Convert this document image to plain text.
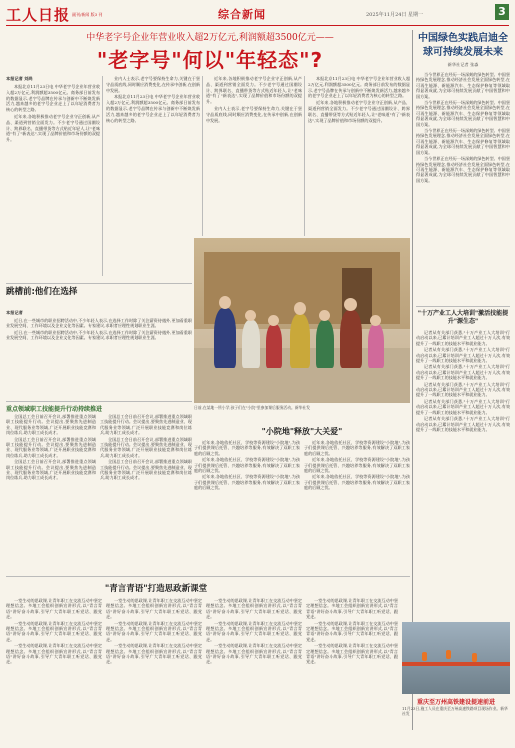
工人日报 副刊/新闻 版3 刊	综合新闻	2025年11月24日 星期一	3
中华老字号企业年营业收入超2万亿元,利润额超3500亿元——
"老字号"何以"年轻态"?
本报记者 刘尚

本报北京11月23日电 中华老字号企业年营业收入超2万亿元,利润额超3500亿元。商务部日前发布的数据显示,老字号品牌在传承与创新中不断焕发新活力,越来越多的老字号企业走上了以年轻消费者为核心的转型之路。

近年来,各地积极推动老字号企业守正创新,从产品、渠道到营销全面发力。不少老字号通过国潮设计、跨界联名、直播带货等方式贴近年轻人,让"老味道"有了"新表达",实现了品牌价值和市场份额的双提升。

业内人士表示,老字号要保持生命力,关键在于坚守品质底线,同时顺应消费变化,在传承中创新,在创新中发展。

本报北京11月23日电 中华老字号企业年营业收入超2万亿元,利润额超3500亿元。商务部日前发布的数据显示,老字号品牌在传承与创新中不断焕发新活力,越来越多的老字号企业走上了以年轻消费者为核心的转型之路。

近年来,各地积极推动老字号企业守正创新,从产品、渠道到营销全面发力。不少老字号通过国潮设计、跨界联名、直播带货等方式贴近年轻人,让"老味道"有了"新表达",实现了品牌价值和市场份额的双提升。

业内人士表示,老字号要保持生命力,关键在于坚守品质底线,同时顺应消费变化,在传承中创新,在创新中发展。

本报北京11月23日电 中华老字号企业年营业收入超2万亿元,利润额超3500亿元。商务部日前发布的数据显示,老字号品牌在传承与创新中不断焕发新活力,越来越多的老字号企业走上了以年轻消费者为核心的转型之路。

近年来,各地积极推动老字号企业守正创新,从产品、渠道到营销全面发力。不少老字号通过国潮设计、跨界联名、直播带货等方式贴近年轻人,让"老味道"有了"新表达",实现了品牌价值和市场份额的双提升。

跳槽前:他们在选择
本报记者

近日,在一些城市的职业招聘活动中,不少年轻人表示,在选择工作时除了关注薪资待遇外,更加看重职业发展空间、工作环境以及企业文化等因素。专家建议,求职者应理性规划职业生涯。

近日,在一些城市的职业招聘活动中,不少年轻人表示,在选择工作时除了关注薪资待遇外,更加看重职业发展空间、工作环境以及企业文化等因素。专家建议,求职者应理性规划职业生涯。

重点领域职工技能提升行动持续推进

全国总工会日前召开会议,部署推进重点领域职工技能提升行动。会议提出,要聚焦先进制造业、现代服务业等领域,广泛开展职业技能竞赛和岗位练兵,助力职工成长成才。

全国总工会日前召开会议,部署推进重点领域职工技能提升行动。会议提出,要聚焦先进制造业、现代服务业等领域,广泛开展职业技能竞赛和岗位练兵,助力职工成长成才。

全国总工会日前召开会议,部署推进重点领域职工技能提升行动。会议提出,要聚焦先进制造业、现代服务业等领域,广泛开展职业技能竞赛和岗位练兵,助力职工成长成才。

全国总工会日前召开会议,部署推进重点领域职工技能提升行动。会议提出,要聚焦先进制造业、现代服务业等领域,广泛开展职业技能竞赛和岗位练兵,助力职工成长成才。

全国总工会日前召开会议,部署推进重点领域职工技能提升行动。会议提出,要聚焦先进制造业、现代服务业等领域,广泛开展职业技能竞赛和岗位练兵,助力职工成长成才。

全国总工会日前召开会议,部署推进重点领域职工技能提升行动。会议提出,要聚焦先进制造业、现代服务业等领域,广泛开展职业技能竞赛和岗位练兵,助力职工成长成才。

日前,在某地一所小学,孩子们在"小院"里参加课后服务活动。新华社发

"小院地"释放"大关爱"

近年来,各地依托社区、学校等资源建设"小院地",为孩子们提供课后托管、兴趣培养等服务,有效解决了双职工家庭的后顾之忧。

近年来,各地依托社区、学校等资源建设"小院地",为孩子们提供课后托管、兴趣培养等服务,有效解决了双职工家庭的后顾之忧。

近年来,各地依托社区、学校等资源建设"小院地",为孩子们提供课后托管、兴趣培养等服务,有效解决了双职工家庭的后顾之忧。

近年来,各地依托社区、学校等资源建设"小院地",为孩子们提供课后托管、兴趣培养等服务,有效解决了双职工家庭的后顾之忧。

近年来,各地依托社区、学校等资源建设"小院地",为孩子们提供课后托管、兴趣培养等服务,有效解决了双职工家庭的后顾之忧。

近年来,各地依托社区、学校等资源建设"小院地",为孩子们提供课后托管、兴趣培养等服务,有效解决了双职工家庭的后顾之忧。

"青言青语"打造思政新课堂

一堂生动的思政课,让青年职工在交流互动中坚定理想信念。多地工会组织创新宣讲形式,以"青言青语"讲好奋斗故事,引导广大青年职工听党话、跟党走。

一堂生动的思政课,让青年职工在交流互动中坚定理想信念。多地工会组织创新宣讲形式,以"青言青语"讲好奋斗故事,引导广大青年职工听党话、跟党走。

一堂生动的思政课,让青年职工在交流互动中坚定理想信念。多地工会组织创新宣讲形式,以"青言青语"讲好奋斗故事,引导广大青年职工听党话、跟党走。

一堂生动的思政课,让青年职工在交流互动中坚定理想信念。多地工会组织创新宣讲形式,以"青言青语"讲好奋斗故事,引导广大青年职工听党话、跟党走。

一堂生动的思政课,让青年职工在交流互动中坚定理想信念。多地工会组织创新宣讲形式,以"青言青语"讲好奋斗故事,引导广大青年职工听党话、跟党走。

一堂生动的思政课,让青年职工在交流互动中坚定理想信念。多地工会组织创新宣讲形式,以"青言青语"讲好奋斗故事,引导广大青年职工听党话、跟党走。

一堂生动的思政课,让青年职工在交流互动中坚定理想信念。多地工会组织创新宣讲形式,以"青言青语"讲好奋斗故事,引导广大青年职工听党话、跟党走。

一堂生动的思政课,让青年职工在交流互动中坚定理想信念。多地工会组织创新宣讲形式,以"青言青语"讲好奋斗故事,引导广大青年职工听党话、跟党走。

一堂生动的思政课,让青年职工在交流互动中坚定理想信念。多地工会组织创新宣讲形式,以"青言青语"讲好奋斗故事,引导广大青年职工听党话、跟党走。

一堂生动的思政课,让青年职工在交流互动中坚定理想信念。多地工会组织创新宣讲形式,以"青言青语"讲好奋斗故事,引导广大青年职工听党话、跟党走。

一堂生动的思政课,让青年职工在交流互动中坚定理想信念。多地工会组织创新宣讲形式,以"青言青语"讲好奋斗故事,引导广大青年职工听党话、跟党走。

一堂生动的思政课,让青年职工在交流互动中坚定理想信念。多地工会组织创新宣讲形式,以"青言青语"讲好奋斗故事,引导广大青年职工听党话、跟党走。

中国绿色实践启迪全球可持续发展未来
新华社记者 张淼

当今世界正在经历一场深刻的绿色转型。中国坚持绿色发展理念,推动经济社会发展全面绿色转型,在可再生能源、新能源汽车、生态保护修复等领域取得显著成就,为全球可持续发展贡献了中国智慧和中国方案。

当今世界正在经历一场深刻的绿色转型。中国坚持绿色发展理念,推动经济社会发展全面绿色转型,在可再生能源、新能源汽车、生态保护修复等领域取得显著成就,为全球可持续发展贡献了中国智慧和中国方案。

当今世界正在经历一场深刻的绿色转型。中国坚持绿色发展理念,推动经济社会发展全面绿色转型,在可再生能源、新能源汽车、生态保护修复等领域取得显著成就,为全球可持续发展贡献了中国智慧和中国方案。

当今世界正在经历一场深刻的绿色转型。中国坚持绿色发展理念,推动经济社会发展全面绿色转型,在可再生能源、新能源汽车、生态保护修复等领域取得显著成就,为全球可持续发展贡献了中国智慧和中国方案。

"十万产业工人大培训"激活技能提升"源生态"

记者从有关部门获悉,"十万产业工人大培训"行动启动以来,已累计培训产业工人超过十万人次,有效提升了一线职工的技能水平和就业能力。

记者从有关部门获悉,"十万产业工人大培训"行动启动以来,已累计培训产业工人超过十万人次,有效提升了一线职工的技能水平和就业能力。

记者从有关部门获悉,"十万产业工人大培训"行动启动以来,已累计培训产业工人超过十万人次,有效提升了一线职工的技能水平和就业能力。

记者从有关部门获悉,"十万产业工人大培训"行动启动以来,已累计培训产业工人超过十万人次,有效提升了一线职工的技能水平和就业能力。

记者从有关部门获悉,"十万产业工人大培训"行动启动以来,已累计培训产业工人超过十万人次,有效提升了一线职工的技能水平和就业能力。

记者从有关部门获悉,"十万产业工人大培训"行动启动以来,已累计培训产业工人超过十万人次,有效提升了一线职工的技能水平和就业能力。

重庆至万州高铁建设提速前进
11月23日,施工人员在重庆至万州高速铁路项目现场作业。新华社发
